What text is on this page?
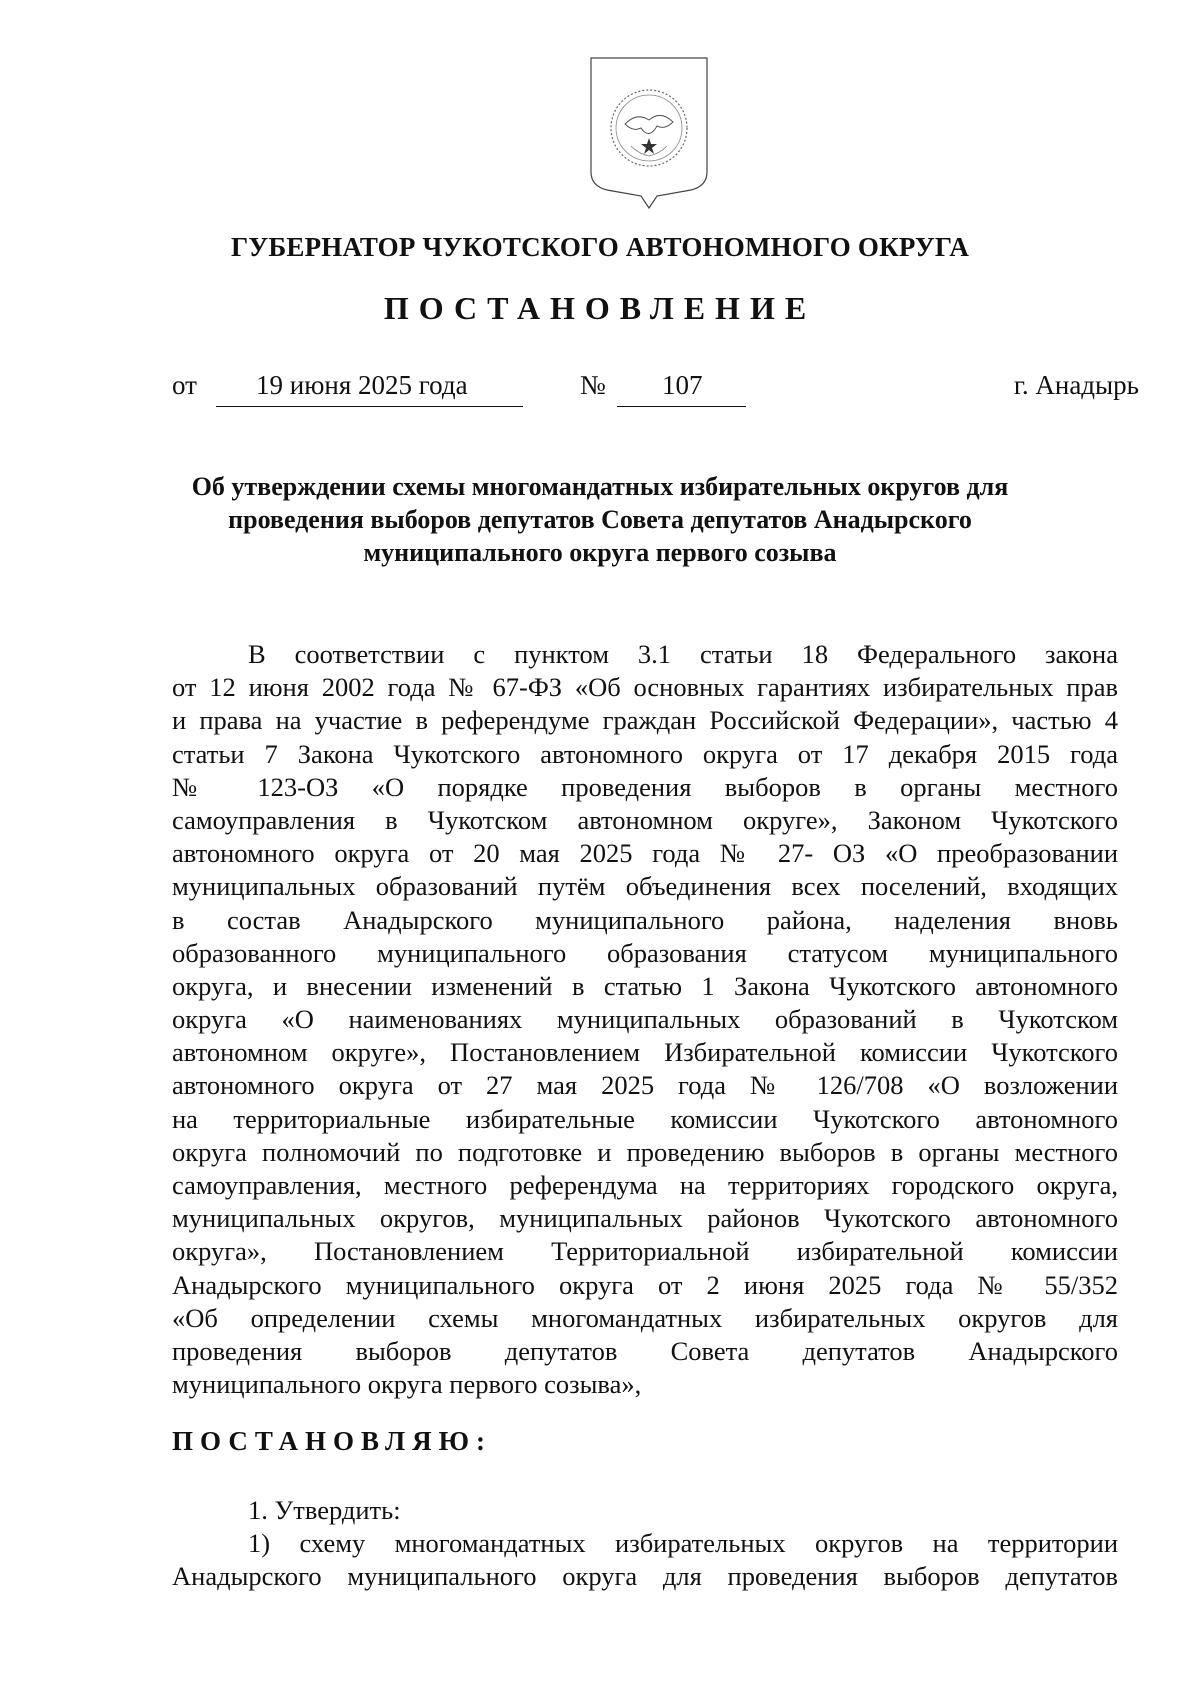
ГУБЕРНАТОР ЧУКОТСКОГО АВТОНОМНОГО ОКРУГА
ПОСТАНОВЛЕНИЕ
от 19 июня 2025 года	№ 107	г. Анадырь
Об утверждении схемы многомандатных избирательных округов для
проведения выборов депутатов Совета депутатов Анадырского
муниципального округа первого созыва
В соответствии с пунктом 3.1 статьи 18 Федерального закона
от 12 июня 2002 года № 67-ФЗ «Об основных гарантиях избирательных прав
и права на участие в референдуме граждан Российской Федерации», частью 4
статьи 7 Закона Чукотского автономного округа от 17 декабря 2015 года
№ 123-ОЗ «О порядке проведения выборов в органы местного
самоуправления в Чукотском автономном округе», Законом Чукотского
автономного округа от 20 мая 2025 года № 27- ОЗ «О преобразовании
муниципальных образований путём объединения всех поселений, входящих
в состав Анадырского муниципального района, наделения вновь
образованного муниципального образования статусом муниципального
округа, и внесении изменений в статью 1 Закона Чукотского автономного
округа «О наименованиях муниципальных образований в Чукотском
автономном округе», Постановлением Избирательной комиссии Чукотского
автономного округа от 27 мая 2025 года № 126/708 «О возложении
на территориальные избирательные комиссии Чукотского автономного
округа полномочий по подготовке и проведению выборов в органы местного
самоуправления, местного референдума на территориях городского округа,
муниципальных округов, муниципальных районов Чукотского автономного
округа», Постановлением Территориальной избирательной комиссии
Анадырского муниципального округа от 2 июня 2025 года № 55/352
«Об определении схемы многомандатных избирательных округов для
проведения выборов депутатов Совета депутатов Анадырского
муниципального округа первого созыва»,
ПОСТАНОВЛЯЮ:
1. Утвердить:
1) схему многомандатных избирательных округов на территории
Анадырского муниципального округа для проведения выборов депутатов
